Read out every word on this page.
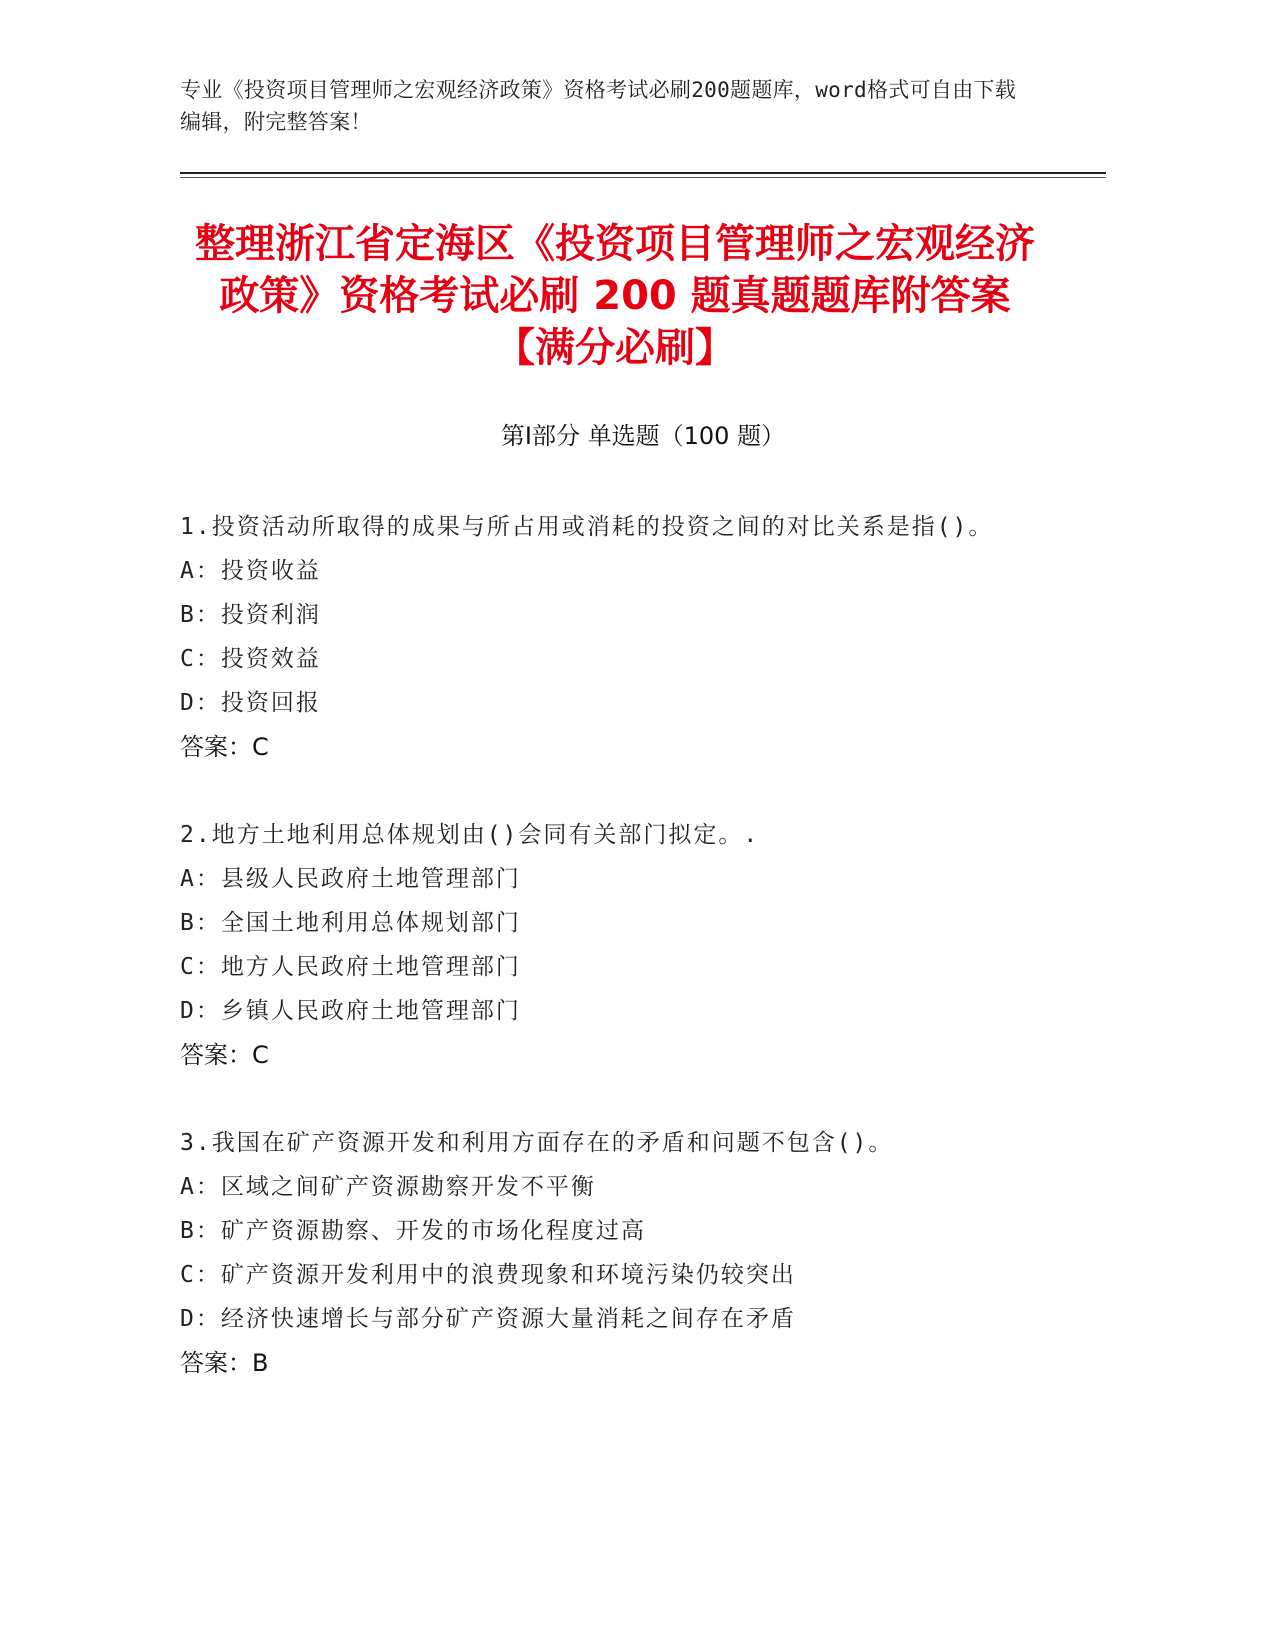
专业《投资项目管理师之宏观经济政策》资格考试必刷200题题库，word格式可自由下载编辑，附完整答案！
整理浙江省定海区《投资项目管理师之宏观经济政策》资格考试必刷 200 题真题题库附答案【满分必刷】
第Ⅰ部分 单选题（100 题）
1.投资活动所取得的成果与所占用或消耗的投资之间的对比关系是指()。
A：投资收益
B：投资利润
C：投资效益
D：投资回报
答案：C
2.地方土地利用总体规划由()会同有关部门拟定。.
A：县级人民政府土地管理部门
B：全国土地利用总体规划部门
C：地方人民政府土地管理部门
D：乡镇人民政府土地管理部门
答案：C
3.我国在矿产资源开发和利用方面存在的矛盾和问题不包含()。
A：区域之间矿产资源勘察开发不平衡
B：矿产资源勘察、开发的市场化程度过高
C：矿产资源开发利用中的浪费现象和环境污染仍较突出
D：经济快速增长与部分矿产资源大量消耗之间存在矛盾
答案：B
